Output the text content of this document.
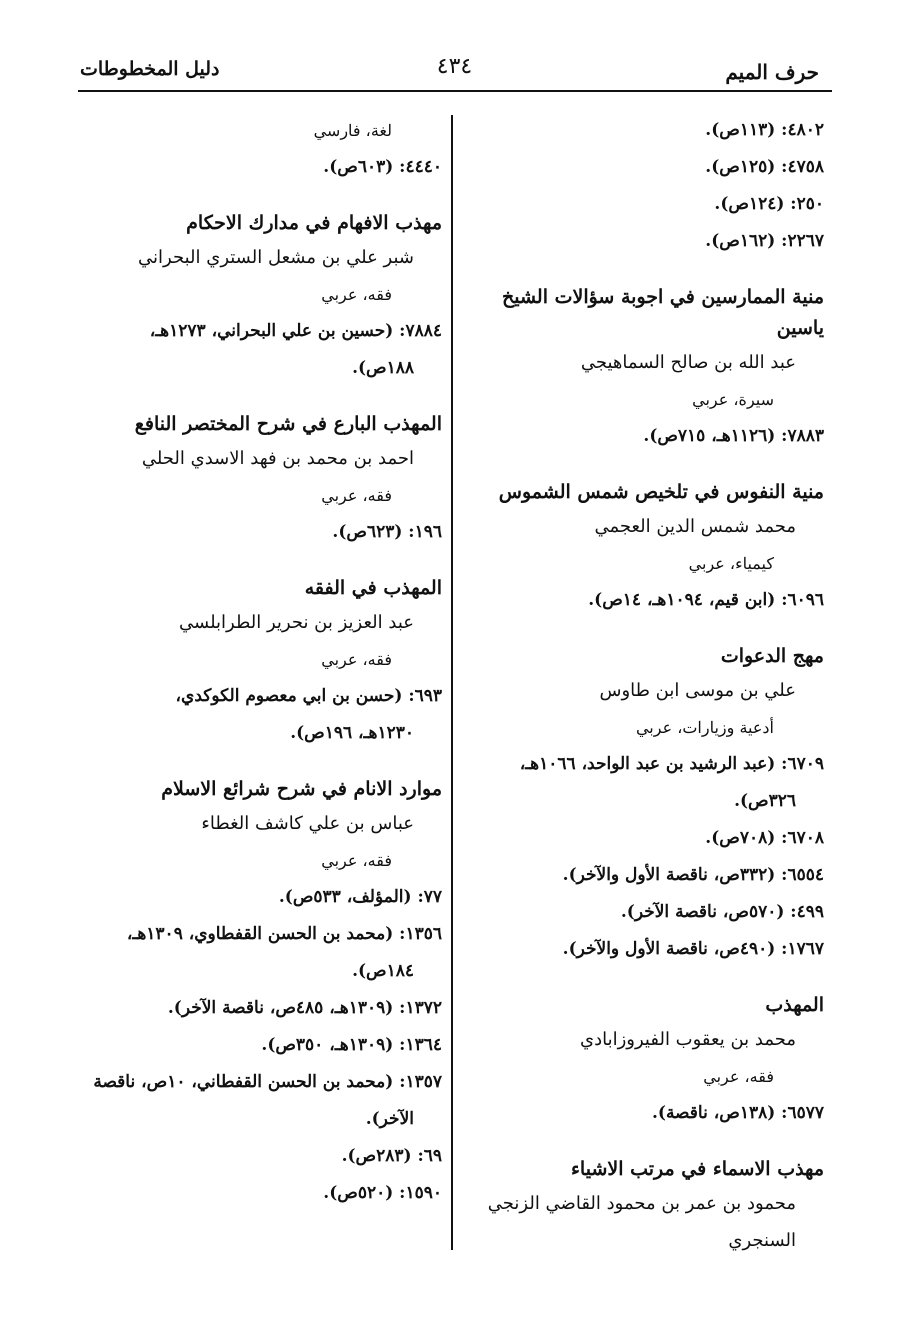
حرف الميم
٤٣٤
دليل المخطوطات
٤٨٠٢: (١١٣ص).
٤٧٥٨: (١٢٥ص).
٢٥٠: (١٢٤ص).
٢٢٦٧: (١٦٢ص).
منية الممارسين في اجوبة سؤالات الشيخ ياسين
عبد الله بن صالح السماهيجي
سيرة، عربي
٧٨٨٣: (١١٢٦هـ، ٧١٥ص).
منية النفوس في تلخيص شمس الشموس
محمد شمس الدين العجمي
كيمياء، عربي
٦٠٩٦: (ابن قيم، ١٠٩٤هـ، ١٤ص).
مهج الدعوات
علي بن موسى ابن طاوس
أدعية وزيارات، عربي
٦٧٠٩: (عبد الرشيد بن عبد الواحد، ١٠٦٦هـ،
٣٢٦ص).
٦٧٠٨: (٧٠٨ص).
٦٥٥٤: (٣٣٢ص، ناقصة الأول والآخر).
٤٩٩: (٥٧٠ص، ناقصة الآخر).
١٧٦٧: (٤٩٠ص، ناقصة الأول والآخر).
المهذب
محمد بن يعقوب الفيروزابادي
فقه، عربي
٦٥٧٧: (١٣٨ص، ناقصة).
مهذب الاسماء في مرتب الاشياء
محمود بن عمر بن محمود القاضي الزنجي
السنجري
لغة، فارسي
٤٤٤٠: (٦٠٣ص).
مهذب الافهام في مدارك الاحكام
شبر علي بن مشعل الستري البحراني
فقه، عربي
٧٨٨٤: (حسين بن علي البحراني، ١٢٧٣هـ،
١٨٨ص).
المهذب البارع في شرح المختصر النافع
احمد بن محمد بن فهد الاسدي الحلي
فقه، عربي
١٩٦: (٦٢٣ص).
المهذب في الفقه
عبد العزيز بن نحرير الطرابلسي
فقه، عربي
٦٩٣: (حسن بن ابي معصوم الكوكدي،
١٢٣٠هـ، ١٩٦ص).
موارد الانام في شرح شرائع الاسلام
عباس بن علي كاشف الغطاء
فقه، عربي
٧٧: (المؤلف، ٥٣٣ص).
١٣٥٦: (محمد بن الحسن القفطاوي، ١٣٠٩هـ،
١٨٤ص).
١٣٧٢: (١٣٠٩هـ، ٤٨٥ص، ناقصة الآخر).
١٣٦٤: (١٣٠٩هـ، ٣٥٠ص).
١٣٥٧: (محمد بن الحسن القفطاني، ١٠ص، ناقصة
الآخر).
٦٩: (٢٨٣ص).
١٥٩٠: (٥٢٠ص).
